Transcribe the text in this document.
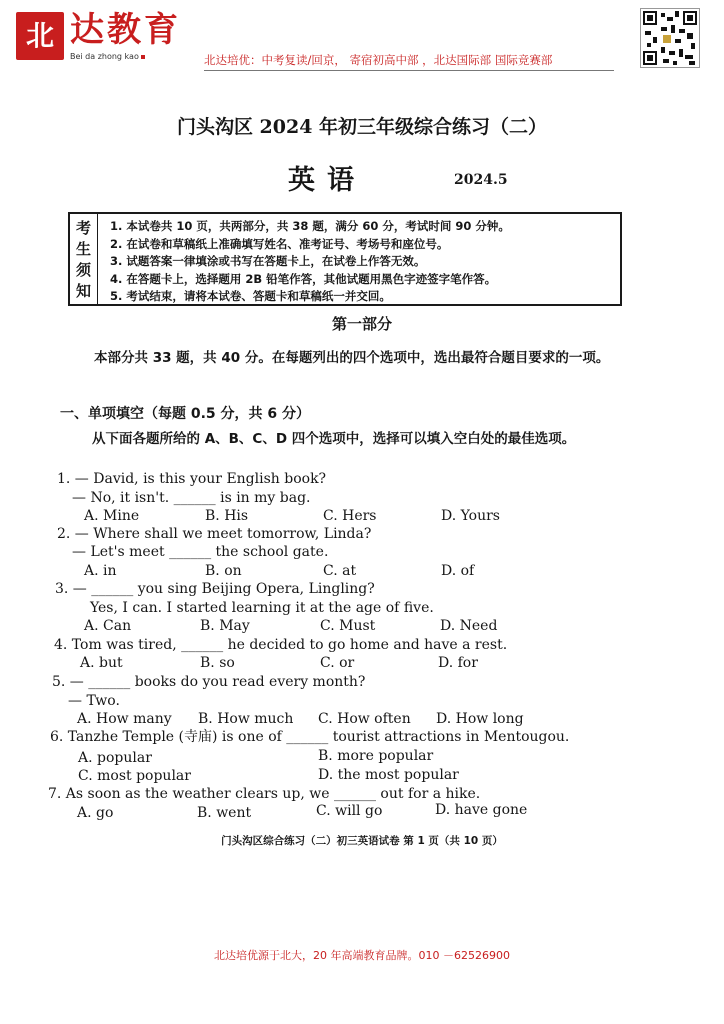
北 达教育
Bei da zhong kao	北达培优：中考复读/回京， 寄宿初高中部 ，北达国际部 国际竞赛部
门头沟区 2024 年初三年级综合练习（二）
英语	2024.5
考
生
须
知
1. 本试卷共 10 页，共两部分，共 38 题，满分 60 分，考试时间 90 分钟。
2. 在试卷和草稿纸上准确填写姓名、准考证号、考场号和座位号。
3. 试题答案一律填涂或书写在答题卡上，在试卷上作答无效。
4. 在答题卡上，选择题用 2B 铅笔作答，其他试题用黑色字迹签字笔作答。
5. 考试结束，请将本试卷、答题卡和草稿纸一并交回。
第一部分
本部分共 33 题，共 40 分。在每题列出的四个选项中，选出最符合题目要求的一项。
一、单项填空（每题 0.5 分，共 6 分）
从下面各题所给的 A、B、C、D 四个选项中，选择可以填入空白处的最佳选项。
1. — David, is this your English book?
— No, it isn't. ______ is in my bag.
A. Mine	B. His	C. Hers	D. Yours
2. — Where shall we meet tomorrow, Linda?
— Let's meet ______ the school gate.
A. in	B. on	C. at	D. of
3. — ______ you sing Beijing Opera, Lingling?
Yes, I can. I started learning it at the age of five.
A. Can	B. May	C. Must	D. Need
4. Tom was tired, ______ he decided to go home and have a rest.
A. but	B. so	C. or	D. for
5. — ______ books do you read every month?
— Two.
A. How many B. How much C. How often D. How long
6. Tanzhe Temple (寺庙) is one of ______ tourist attractions in Mentougou.
A. popular	B. more popular
C. most popular	D. the most popular
7. As soon as the weather clears up, we ______ out for a hike.
A. go	B. went	C. will go	D. have gone
门头沟区综合练习（二）初三英语试卷 第 1 页（共 10 页）
北达培优源于北大，20 年高端教育品牌。010 －62526900
